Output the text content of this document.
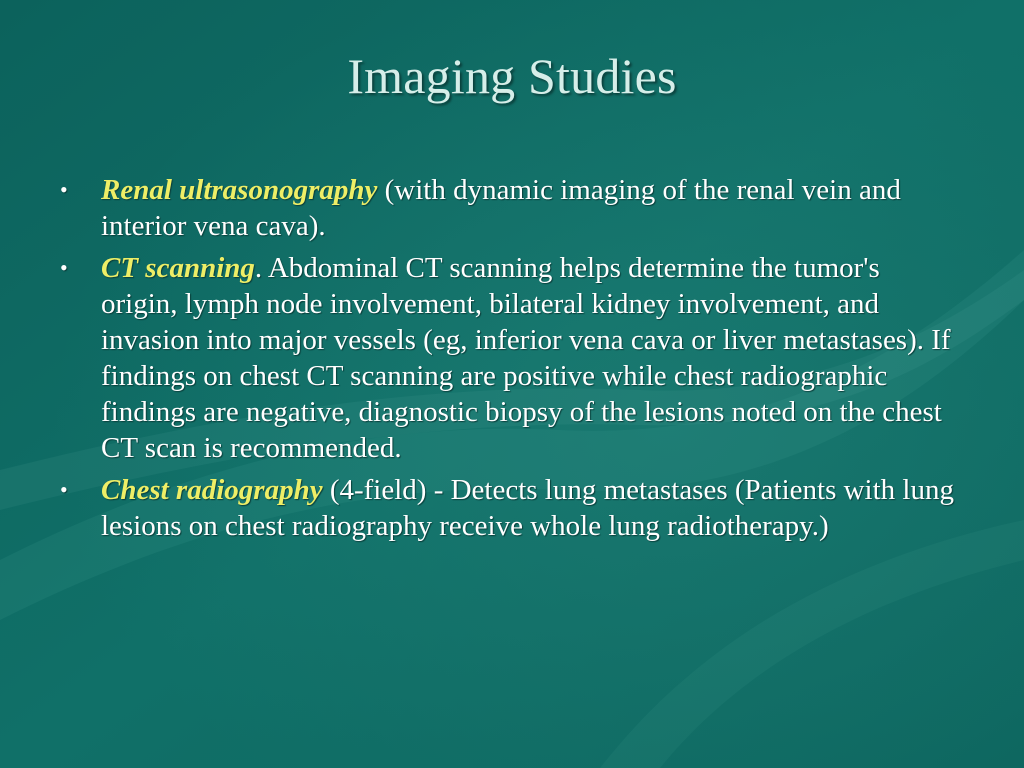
Imaging Studies
•	Renal ultrasonography (with dynamic imaging of the renal vein and interior vena cava).
•	CT scanning. Abdominal CT scanning helps determine the tumor's origin, lymph node involvement, bilateral kidney involvement, and invasion into major vessels (eg, inferior vena cava or liver metastases). If findings on chest CT scanning are positive while chest radiographic findings are negative, diagnostic biopsy of the lesions noted on the chest CT scan is recommended.
•	Chest radiography (4-field) - Detects lung metastases (Patients with lung lesions on chest radiography receive whole lung radiotherapy.)
